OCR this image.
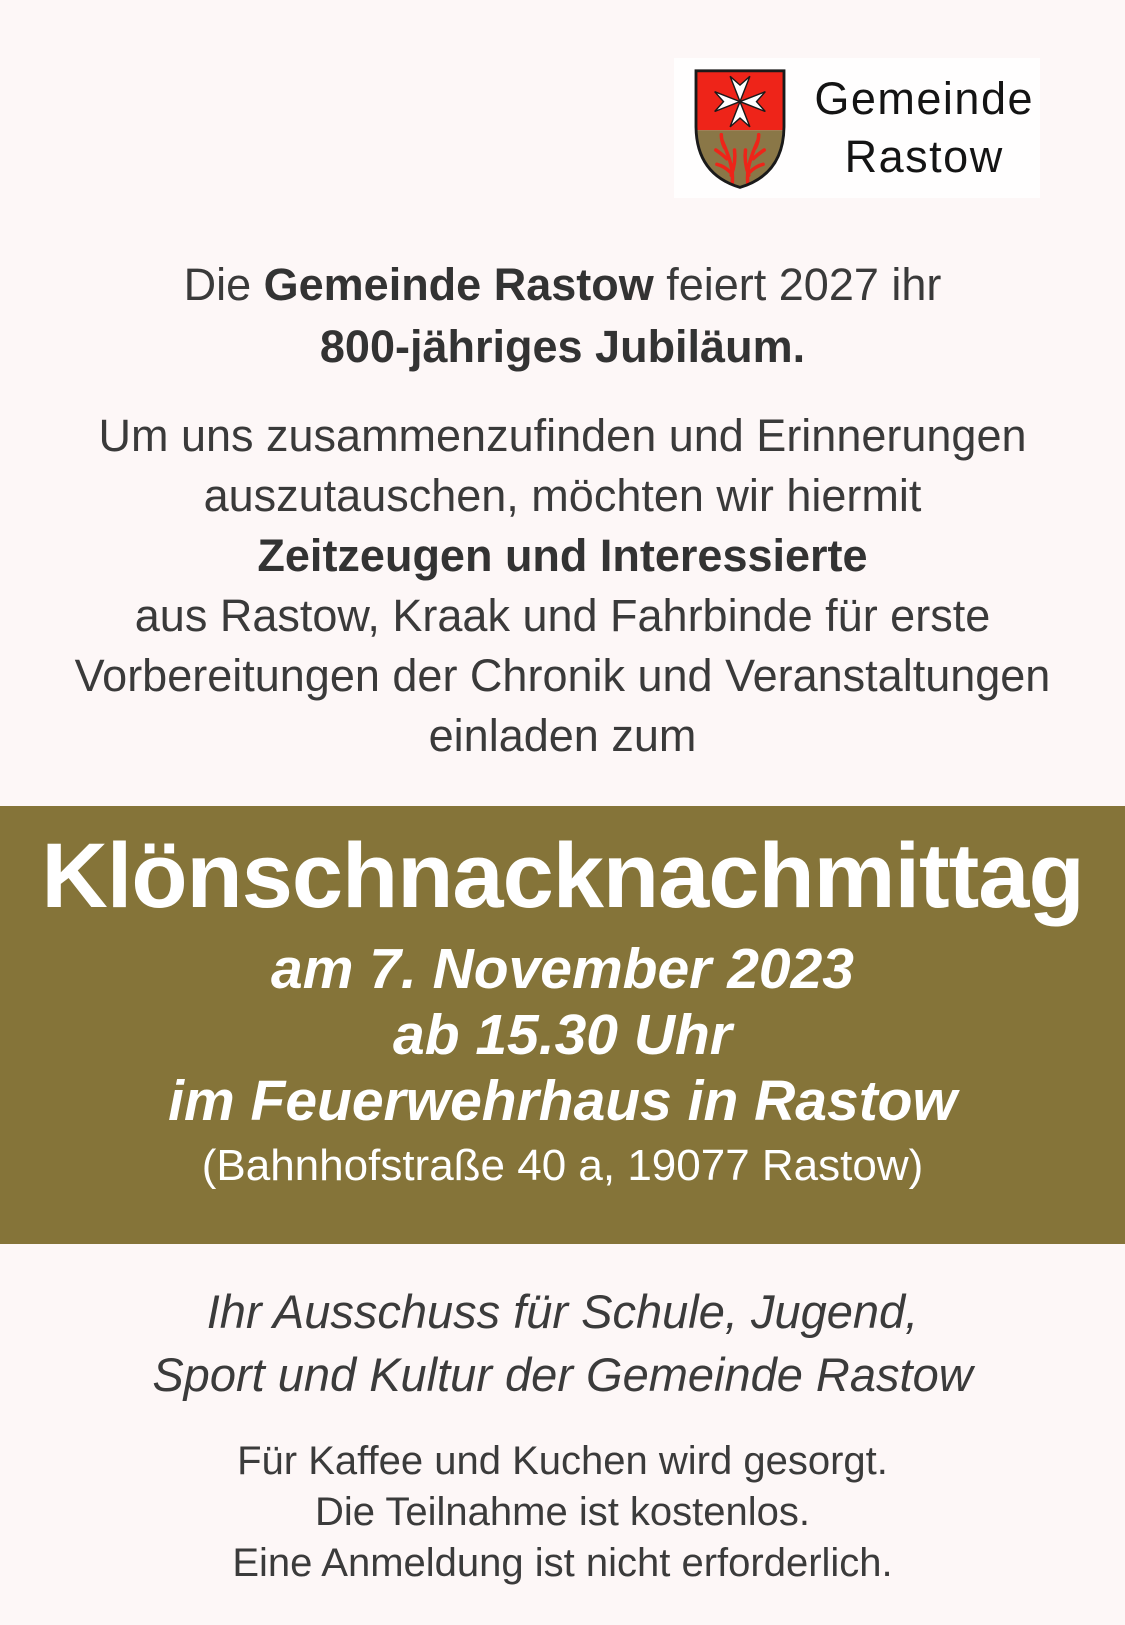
Gemeinde
Rastow
Die Gemeinde Rastow feiert 2027 ihr
800-jähriges Jubiläum.
Um uns zusammenzufinden und Erinnerungen
auszutauschen, möchten wir hiermit
Zeitzeugen und Interessierte
aus Rastow, Kraak und Fahrbinde für erste
Vorbereitungen der Chronik und Veranstaltungen
einladen zum
Klönschnacknachmittag
am 7. November 2023
ab 15.30 Uhr
im Feuerwehrhaus in Rastow
(Bahnhofstraße 40 a, 19077 Rastow)
Ihr Ausschuss für Schule, Jugend,
Sport und Kultur der Gemeinde Rastow
Für Kaffee und Kuchen wird gesorgt.
Die Teilnahme ist kostenlos.
Eine Anmeldung ist nicht erforderlich.
